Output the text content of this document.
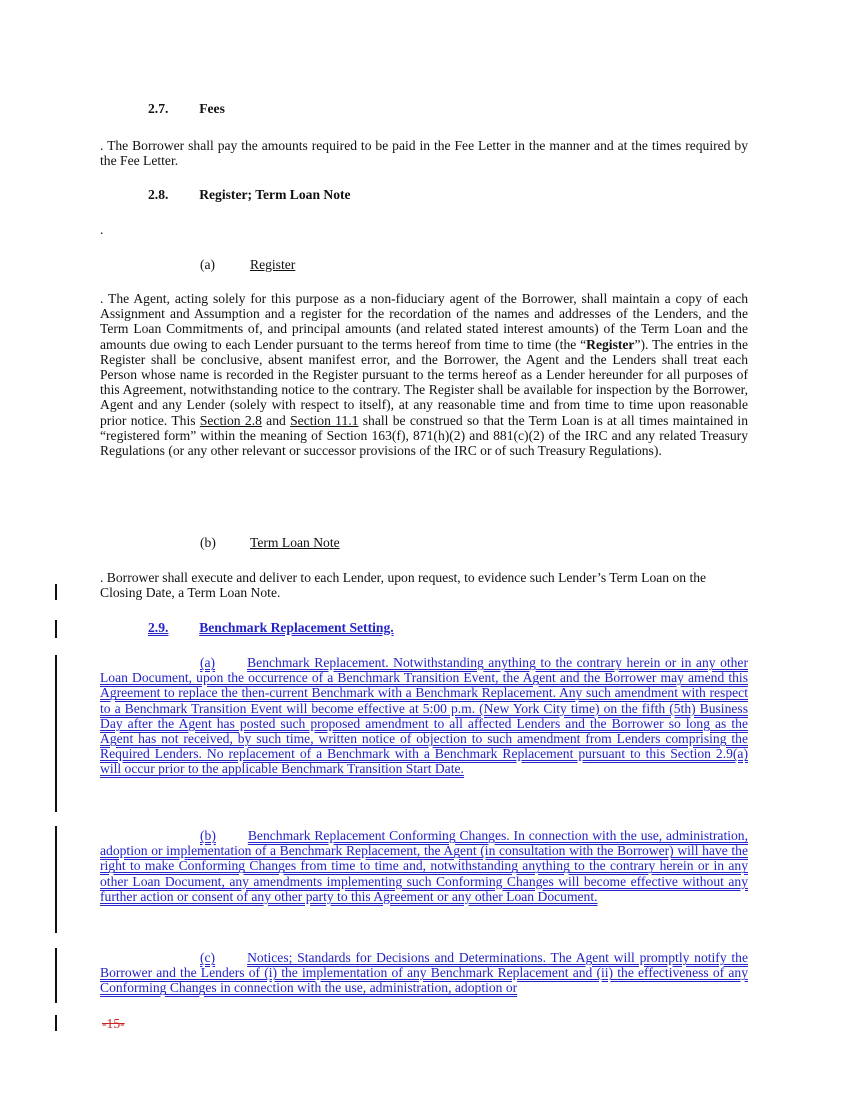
2.7. Fees
. The Borrower shall pay the amounts required to be paid in the Fee Letter in the manner and at the times required by the Fee Letter.
2.8. Register; Term Loan Note
.
(a)	Register
. The Agent, acting solely for this purpose as a non-fiduciary agent of the Borrower, shall maintain a copy of each Assignment and Assumption and a register for the recordation of the names and addresses of the Lenders, and the Term Loan Commitments of, and principal amounts (and related stated interest amounts) of the Term Loan and the amounts due owing to each Lender pursuant to the terms hereof from time to time (the “Register”). The entries in the Register shall be conclusive, absent manifest error, and the Borrower, the Agent and the Lenders shall treat each Person whose name is recorded in the Register pursuant to the terms hereof as a Lender hereunder for all purposes of this Agreement, notwithstanding notice to the contrary. The Register shall be available for inspection by the Borrower, Agent and any Lender (solely with respect to itself), at any reasonable time and from time to time upon reasonable prior notice. This Section 2.8 and Section 11.1 shall be construed so that the Term Loan is at all times maintained in “registered form” within the meaning of Section 163(f), 871(h)(2) and 881(c)(2) of the IRC and any related Treasury Regulations (or any other relevant or successor provisions of the IRC or of such Treasury Regulations).
(b)	Term Loan Note
. Borrower shall execute and deliver to each Lender, upon request, to evidence such Lender’s Term Loan on the Closing Date, a Term Loan Note.
2.9. Benchmark Replacement Setting.
(a) Benchmark Replacement. Notwithstanding anything to the contrary herein or in any other Loan Document, upon the occurrence of a Benchmark Transition Event, the Agent and the Borrower may amend this Agreement to replace the then-current Benchmark with a Benchmark Replacement. Any such amendment with respect to a Benchmark Transition Event will become effective at 5:00 p.m. (New York City time) on the fifth (5th) Business Day after the Agent has posted such proposed amendment to all affected Lenders and the Borrower so long as the Agent has not received, by such time, written notice of objection to such amendment from Lenders comprising the Required Lenders. No replacement of a Benchmark with a Benchmark Replacement pursuant to this Section 2.9(a) will occur prior to the applicable Benchmark Transition Start Date.
(b) Benchmark Replacement Conforming Changes. In connection with the use, administration, adoption or implementation of a Benchmark Replacement, the Agent (in consultation with the Borrower) will have the right to make Conforming Changes from time to time and, notwithstanding anything to the contrary herein or in any other Loan Document, any amendments implementing such Conforming Changes will become effective without any further action or consent of any other party to this Agreement or any other Loan Document.
(c) Notices; Standards for Decisions and Determinations. The Agent will promptly notify the Borrower and the Lenders of (i) the implementation of any Benchmark Replacement and (ii) the effectiveness of any Conforming Changes in connection with the use, administration, adoption or
-15-
